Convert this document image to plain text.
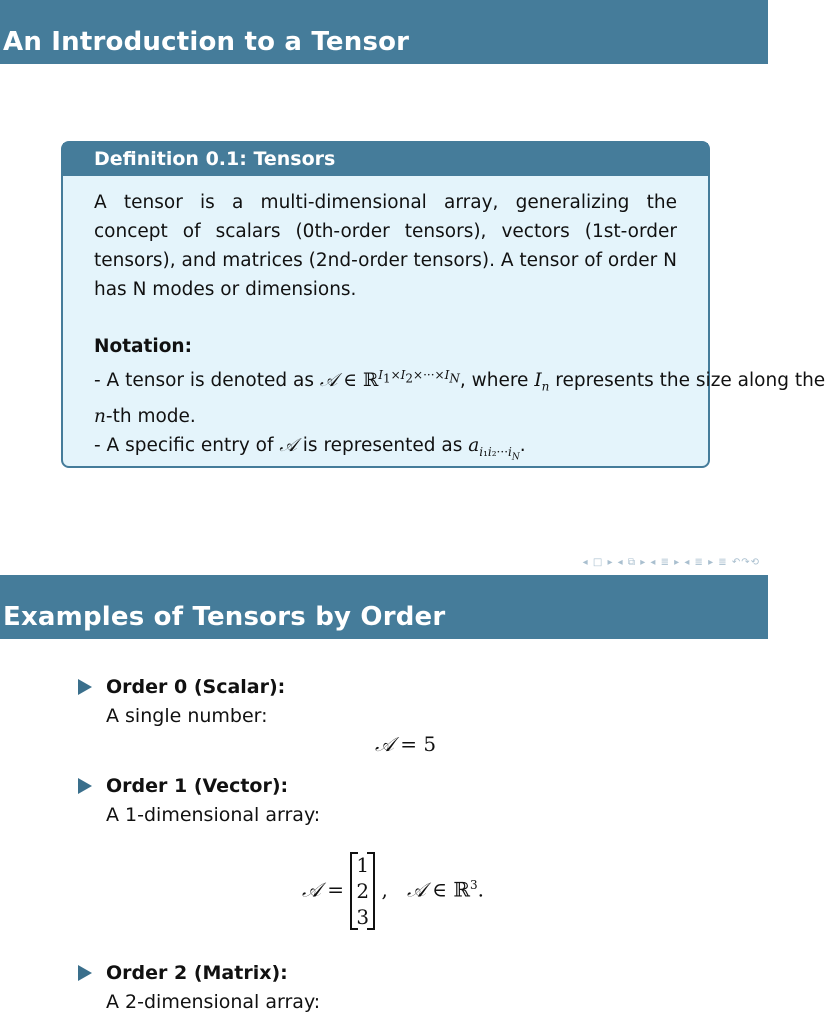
An Introduction to a Tensor
Definition 0.1: Tensors

A tensor is a multi-dimensional array, generalizing the concept of scalars (0th-order tensors), vectors (1st-order tensors), and matrices (2nd-order tensors). A tensor of order N has N modes or dimensions.

Notation:
- A tensor is denoted as 𝒜 ∈ ℝ$^{I_1\times I_2\times\cdot\cdot\cdot\times I_N}$, where $I_n$ represents the size along the
n-th mode.
- A specific entry of 𝒜 is represented as $a_{i_1i_2\cdot\cdot\cdot i_N}$.
◂ □ ▸ ◂ ⧉ ▸ ◂ ≣ ▸ ◂ ≣ ▸ ≣ ↶↷⟲
Examples of Tensors by Order
Order 0 (Scalar):
A single number:
𝒜 = 5
Order 1 (Vector):
A 1-dimensional array:
𝒜 =
1
2
3 ,   𝒜 ∈ ℝ$^3$.
Order 2 (Matrix):
A 2-dimensional array:
